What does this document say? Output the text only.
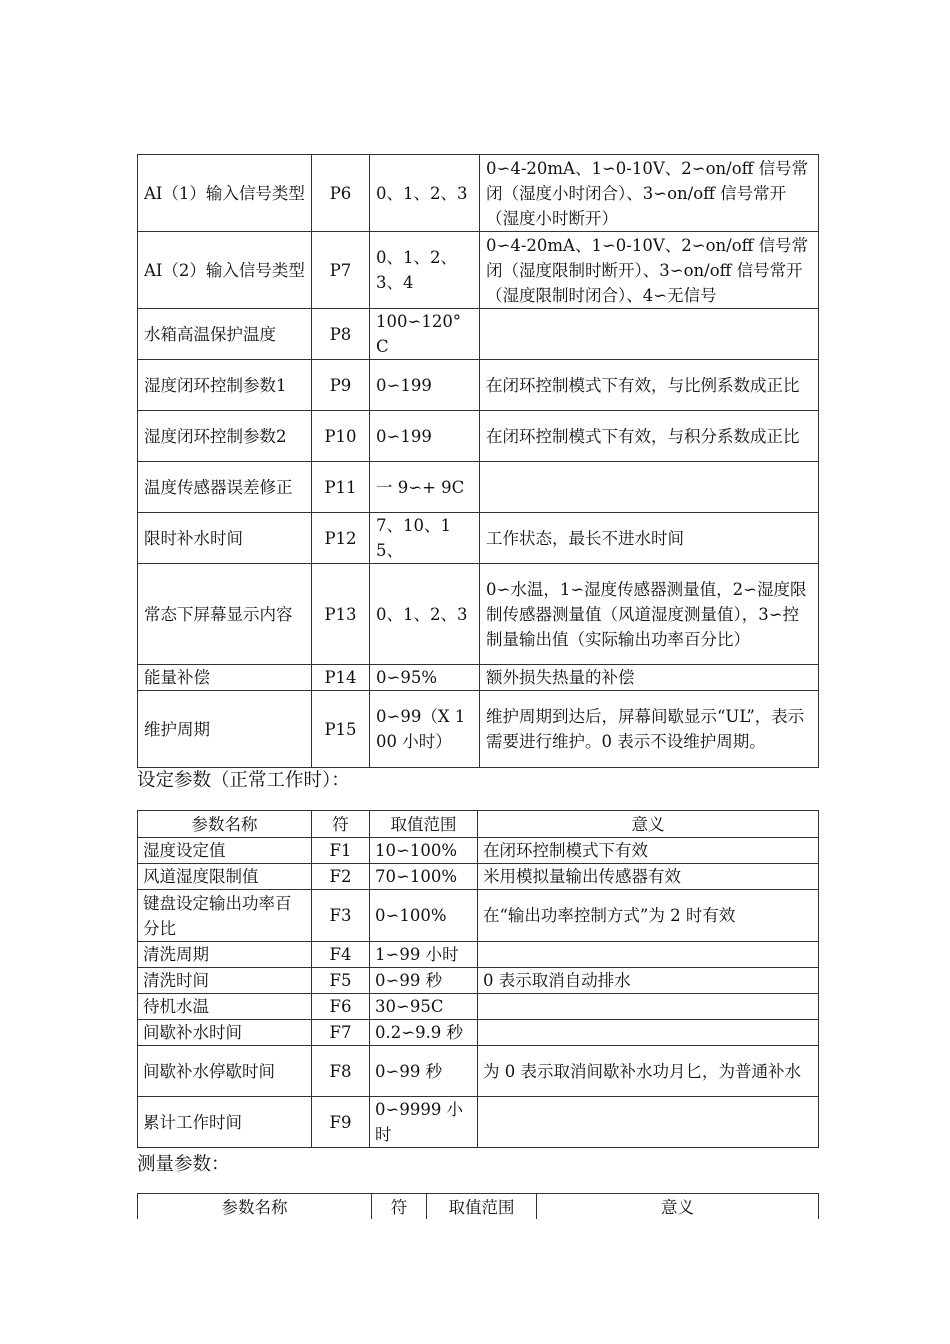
AI（1）输入信号类型	P6	0、1、2、3	0∽4-20mA、1∽0-10V、2∽on/off 信号常闭（湿度小时闭合）、3∽on/off 信号常开（湿度小时断开）
AI（2）输入信号类型	P7	0、1、2、3、4	0∽4-20mA、1∽0-10V、2∽on/off 信号常闭（湿度限制时断开）、3∽on/off 信号常开（湿度限制时闭合）、4∽无信号
水箱高温保护温度	P8	100∽120°C	
湿度闭环控制参数1	P9	0∽199	在闭环控制模式下有效，与比例系数成正比
湿度闭环控制参数2	P10	0∽199	在闭环控制模式下有效，与积分系数成正比
温度传感器误差修正	P11	一 9∽+ 9C	
限时补水时间	P12	7、10、15、	工作状态，最长不进水时间
常态下屏幕显示内容	P13	0、1、2、3	0∽水温，1∽湿度传感器测量值，2∽湿度限制传感器测量值（风道湿度测量值），3∽控制量输出值（实际输出功率百分比）
能量补偿	P14	0∽95%	额外损失热量的补偿
维护周期	P15	0∽99（X 100 小时）	维护周期到达后，屏幕间歇显示“UL”，表示需要进行维护。0 表示不设维护周期。
设定参数（正常工作时）：
参数名称	符	取值范围	意义
湿度设定值	F1	10∽100%	在闭环控制模式下有效
风道湿度限制值	F2	70∽100%	米用模拟量输出传感器有效
键盘设定输出功率百分比	F3	0∽100%	在“输出功率控制方式”为 2 时有效
清洗周期	F4	1∽99 小时	
清洗时间	F5	0∽99 秒	0 表示取消自动排水
待机水温	F6	30∽95C	
间歇补水时间	F7	0.2∽9.9 秒	
间歇补水停歇时间	F8	0∽99 秒	为 0 表示取消间歇补水功月匕，为普通补水
累计工作时间	F9	0∽9999 小时	
测量参数：
参数名称	符	取值范围	意义
